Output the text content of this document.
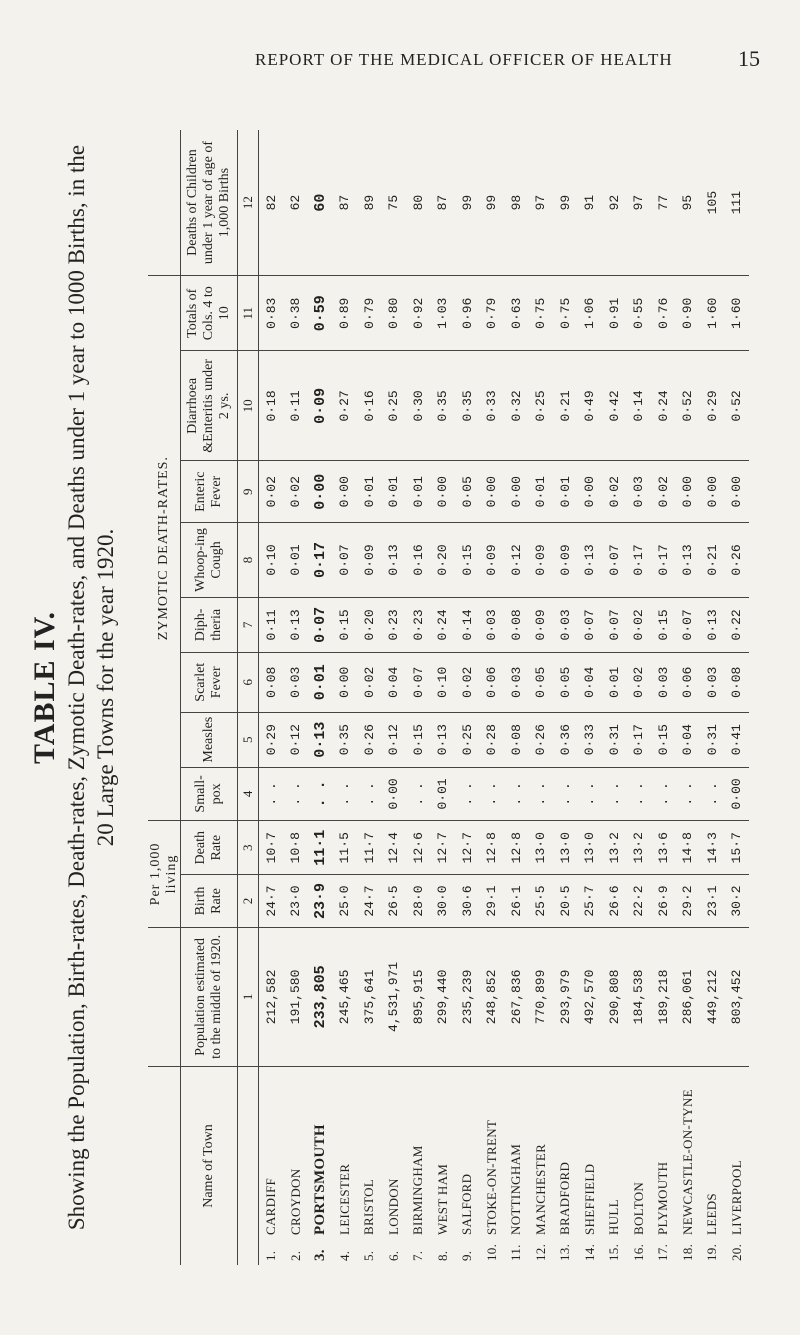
REPORT OF THE MEDICAL OFFICER OF HEALTH	15
TABLE IV. Showing the Population, Birth-rates, Death-rates, Zymotic Death-rates, and Deaths under 1 year to 1000 Births, in the 20 Large Towns for the year 1920.
		Per 1,000 living		ZYMOTIC DEATH-RATES.								
Name of Town	Population estimated to the middle of 1920.	Birth Rate	Death Rate	Small-pox	Measles	Scarlet Fever	Diph-theria	Whoop-ing Cough	Enteric Fever	Diarrhoea &Enteritis under 2 ys.	Totals of Cols. 4 to 10	Deaths of Children under 1 year of age of 1,000 Births
	1	2	3	4	5	6	7	8	9	10	11	12
1.CARDIFF	212,582	24·7	10·7	. .	0·29	0·08	0·11	0·10	0·02	0·18	0·83	82
2.CROYDON	191,580	23·0	10·8	. .	0·12	0·03	0·13	0·01	0·02	0·11	0·38	62
3.PORTSMOUTH	233,805	23·9	11·1	. .	0·13	0·01	0·07	0·17	0·00	0·09	0·59	60
4.LEICESTER	245,465	25·0	11·5	. .	0·35	0·00	0·15	0·07	0·00	0·27	0·89	87
5.BRISTOL	375,641	24·7	11·7	. .	0·26	0·02	0·20	0·09	0·01	0·16	0·79	89
6.LONDON	4,531,971	26·5	12·4	0·00	0·12	0·04	0·23	0·13	0·01	0·25	0·80	75
7.BIRMINGHAM	895,915	28·0	12·6	. .	0·15	0·07	0·23	0·16	0·01	0·30	0·92	80
8.WEST HAM	299,440	30·0	12·7	0·01	0·13	0·10	0·24	0·20	0·00	0·35	1·03	87
9.SALFORD	235,239	30·6	12·7	. .	0·25	0·02	0·14	0·15	0·05	0·35	0·96	99
10.STOKE-ON-TRENT	248,852	29·1	12·8	. .	0·28	0·06	0·03	0·09	0·00	0·33	0·79	99
11.NOTTINGHAM	267,836	26·1	12·8	. .	0·08	0·03	0·08	0·12	0·00	0·32	0·63	98
12.MANCHESTER	770,899	25·5	13·0	. .	0·26	0·05	0·09	0·09	0·01	0·25	0·75	97
13.BRADFORD	293,979	20·5	13·0	. .	0·36	0·05	0·03	0·09	0·01	0·21	0·75	99
14.SHEFFIELD	492,570	25·7	13·0	. .	0·33	0·04	0·07	0·13	0·00	0·49	1·06	91
15.HULL	290,808	26·6	13·2	. .	0·31	0·01	0·07	0·07	0·02	0·42	0·91	92
16.BOLTON	184,538	22·2	13·2	. .	0·17	0·02	0·02	0·17	0·03	0·14	0·55	97
17.PLYMOUTH	189,218	26·9	13·6	. .	0·15	0·03	0·15	0·17	0·02	0·24	0·76	77
18.NEWCASTLE-ON-TYNE	286,061	29·2	14·8	. .	0·04	0·06	0·07	0·13	0·00	0·52	0·90	95
19.LEEDS	449,212	23·1	14·3	. .	0·31	0·03	0·13	0·21	0·00	0·29	1·60	105
20.LIVERPOOL	803,452	30·2	15·7	0·00	0·41	0·08	0·22	0·26	0·00	0·52	1·60	111
